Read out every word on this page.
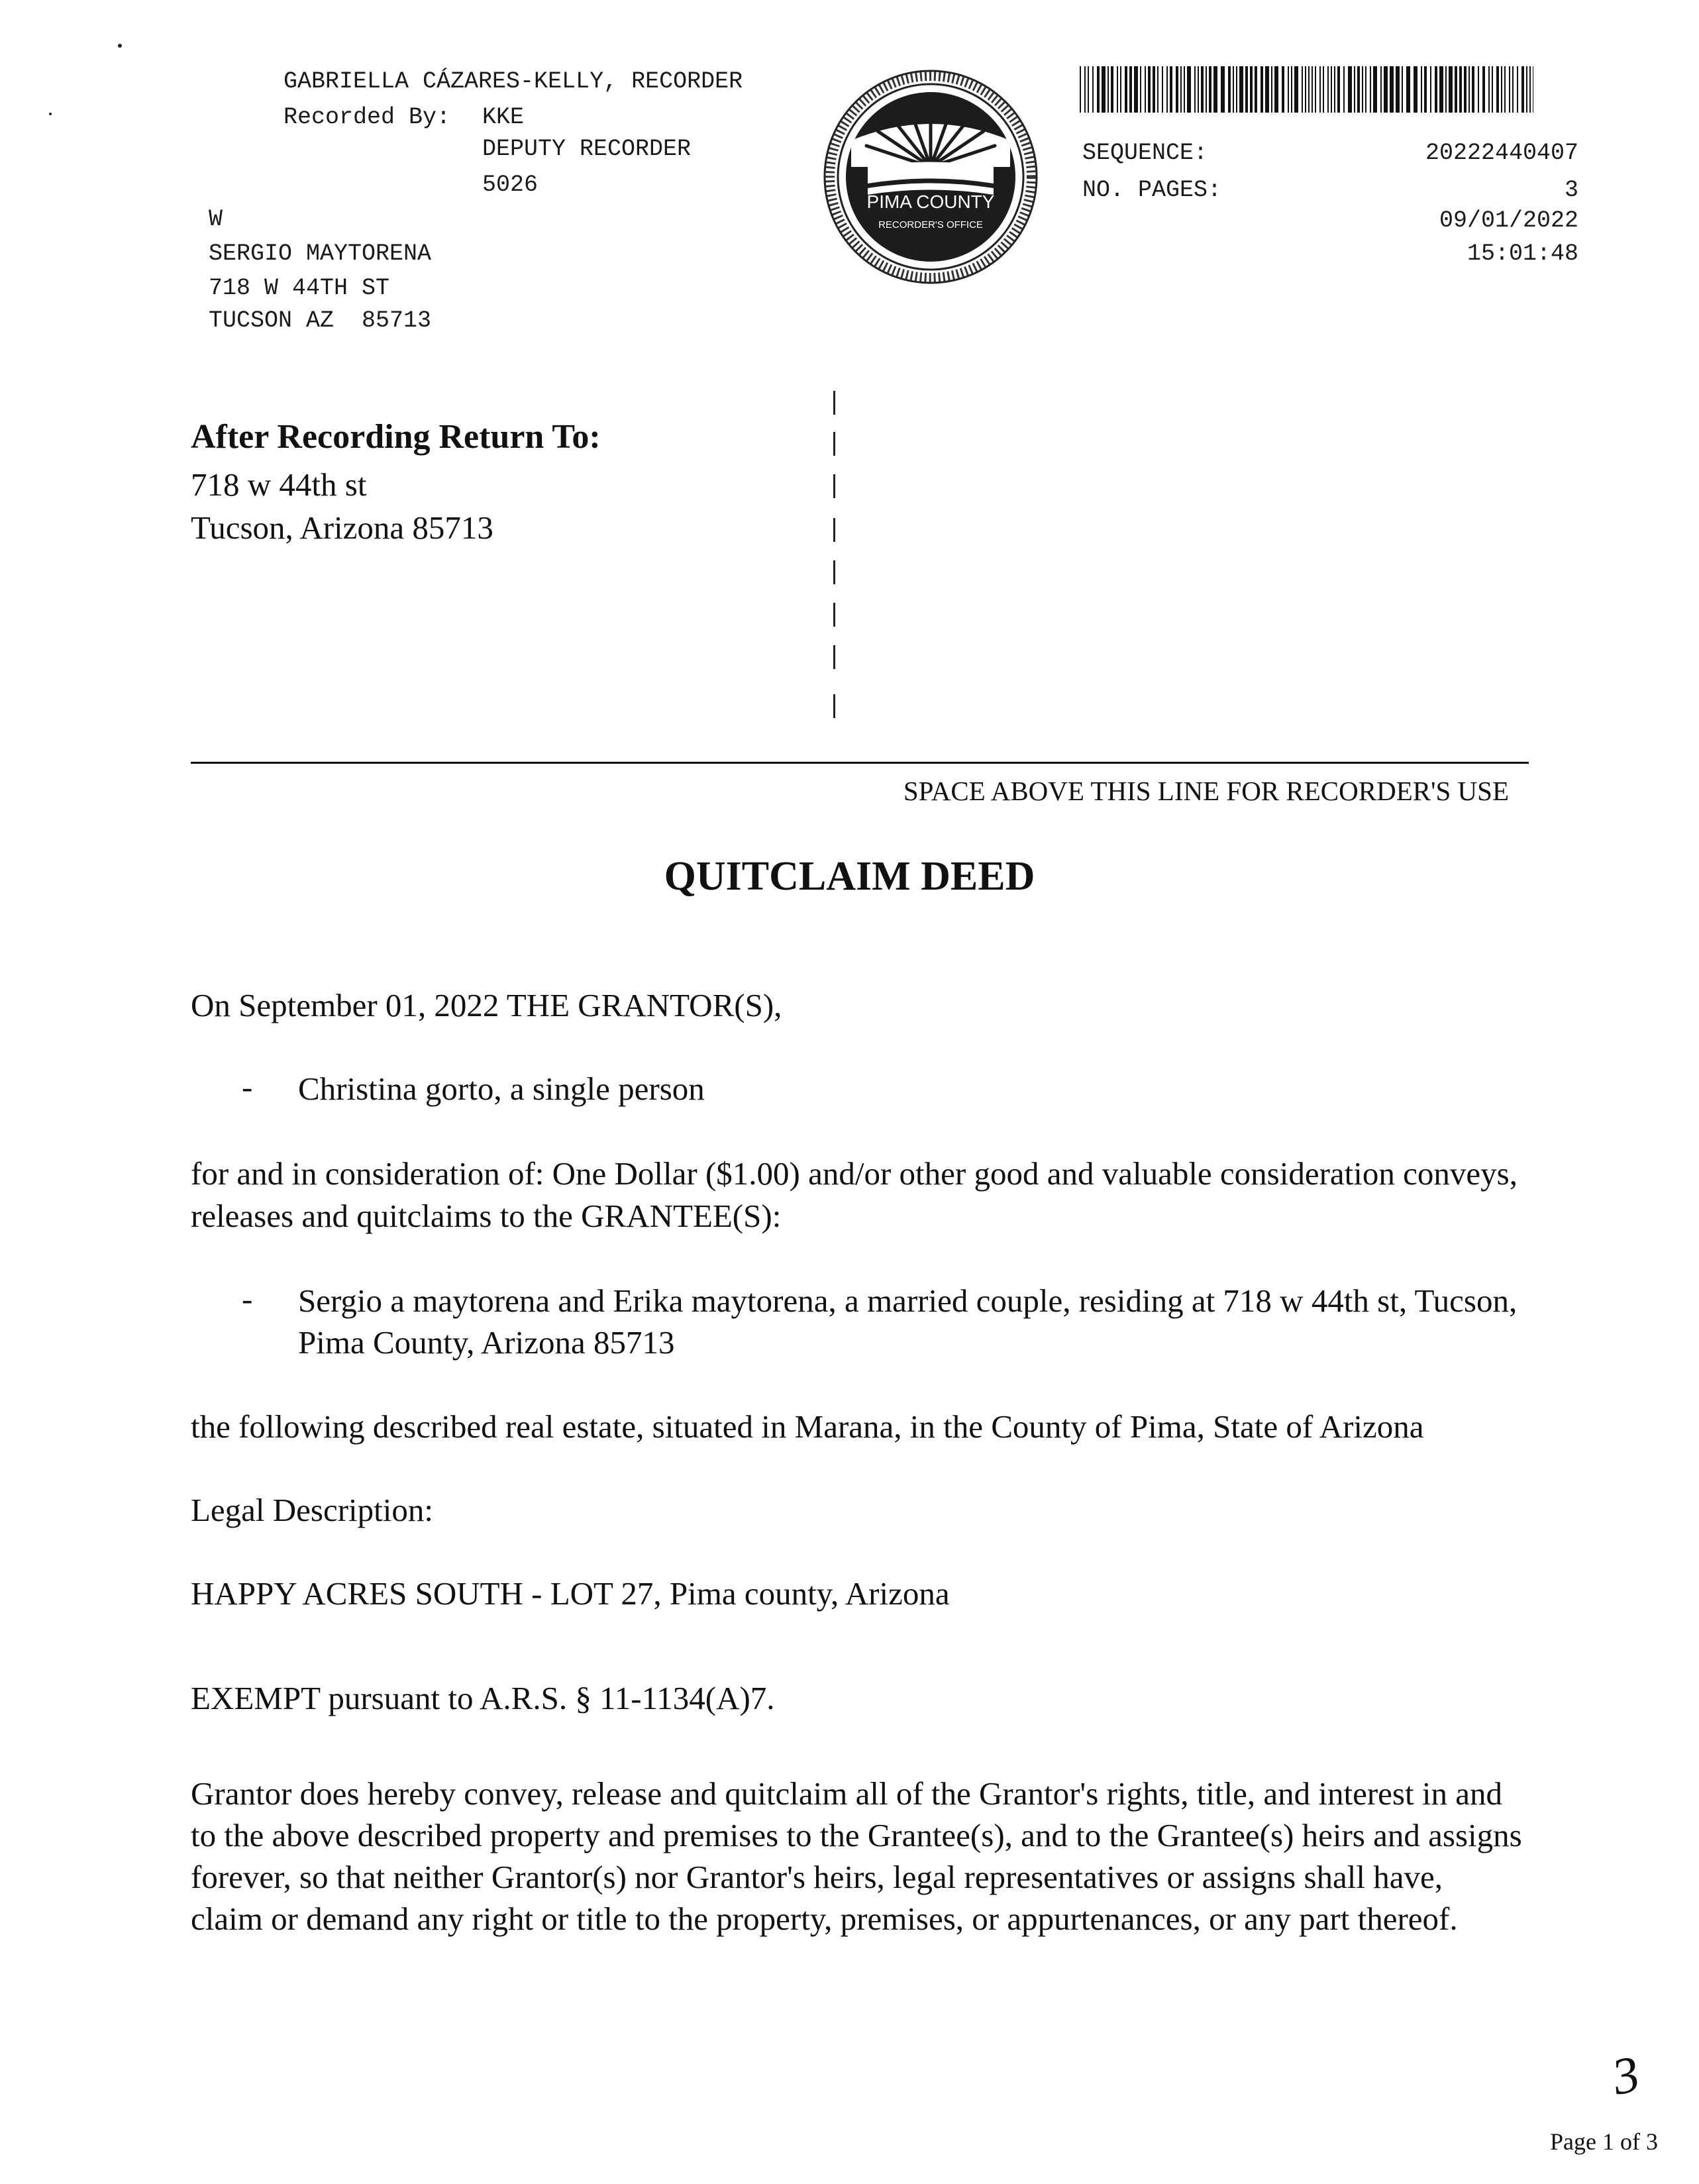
GABRIELLA CÁZARES-KELLY, RECORDER
Recorded By: KKE
DEPUTY RECORDER
5026
W
SERGIO MAYTORENA
718 W 44TH ST
TUCSON AZ  85713
PIMA COUNTY
RECORDER'S OFFICE
SEQUENCE:	20222440407
NO. PAGES:	3
09/01/2022
15:01:48
After Recording Return To:
718 w 44th st
Tucson, Arizona 85713
SPACE ABOVE THIS LINE FOR RECORDER'S USE
QUITCLAIM DEED
On September 01, 2022 THE GRANTOR(S),
- Christina gorto, a single person
for and in consideration of: One Dollar ($1.00) and/or other good and valuable consideration conveys, releases and quitclaims to the GRANTEE(S):
- Sergio a maytorena and Erika maytorena, a married couple, residing at 718 w 44th st, Tucson, Pima County, Arizona 85713
the following described real estate, situated in Marana, in the County of Pima, State of Arizona
Legal Description:
HAPPY ACRES SOUTH - LOT 27, Pima county, Arizona
EXEMPT pursuant to A.R.S. § 11-1134(A)7.
Grantor does hereby convey, release and quitclaim all of the Grantor's rights, title, and interest in and to the above described property and premises to the Grantee(s), and to the Grantee(s) heirs and assigns forever, so that neither Grantor(s) nor Grantor's heirs, legal representatives or assigns shall have, claim or demand any right or title to the property, premises, or appurtenances, or any part thereof.
3
Page 1 of 3
